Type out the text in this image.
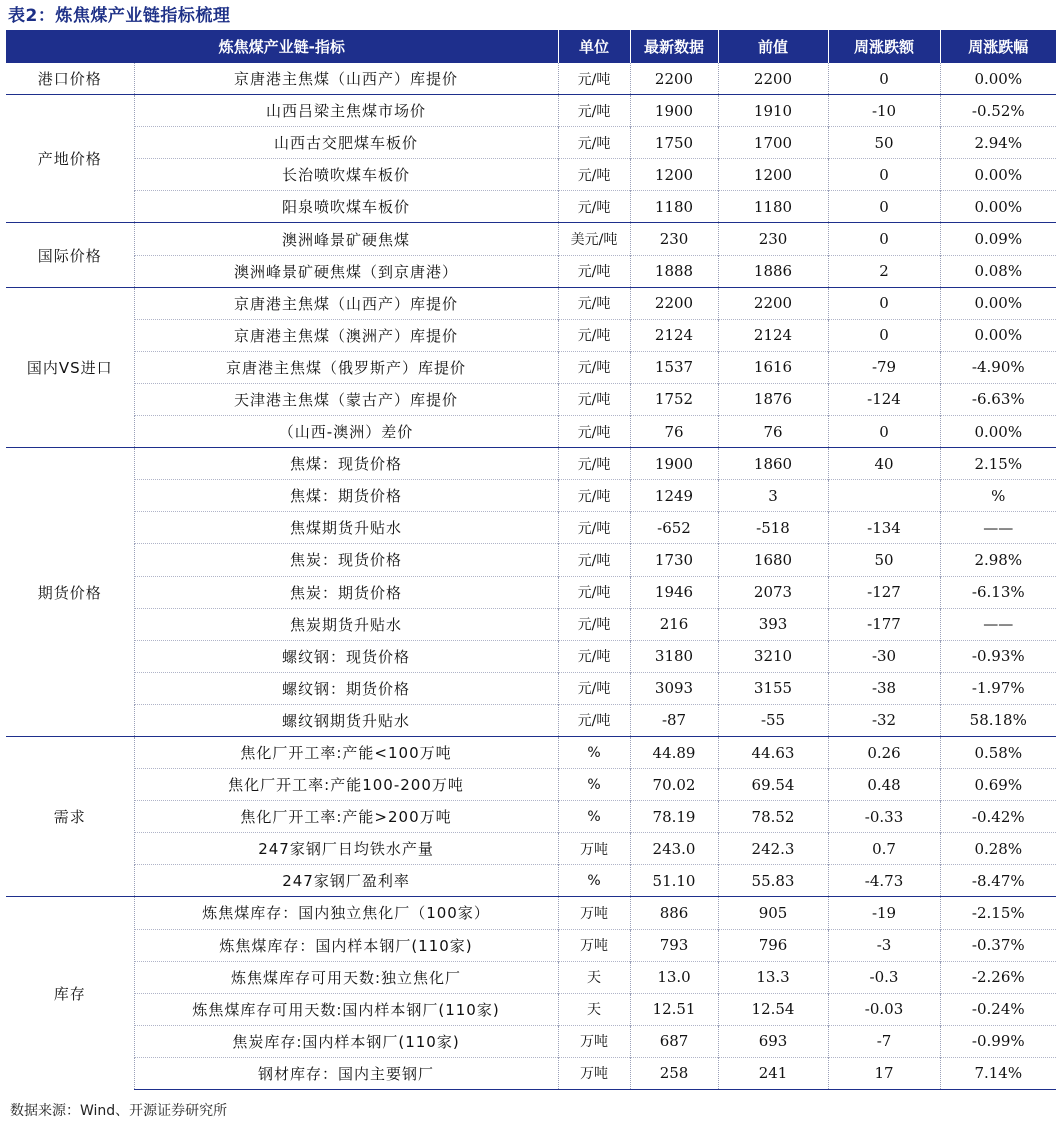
表2：炼焦煤产业链指标梳理
炼焦煤产业链-指标		单位	最新数据	前值	周涨跌额	周涨跌幅
港口价格	京唐港主焦煤（山西产）库提价	元/吨	2200	2200	0	0.00%
产地价格	山西吕梁主焦煤市场价	元/吨	1900	1910	-10	-0.52%
	山西古交肥煤车板价	元/吨	1750	1700	50	2.94%
	长治喷吹煤车板价	元/吨	1200	1200	0	0.00%
	阳泉喷吹煤车板价	元/吨	1180	1180	0	0.00%
国际价格	澳洲峰景矿硬焦煤	美元/吨	230	230	0	0.09%
	澳洲峰景矿硬焦煤（到京唐港）	元/吨	1888	1886	2	0.08%
国内VS进口	京唐港主焦煤（山西产）库提价	元/吨	2200	2200	0	0.00%
	京唐港主焦煤（澳洲产）库提价	元/吨	2124	2124	0	0.00%
	京唐港主焦煤（俄罗斯产）库提价	元/吨	1537	1616	-79	-4.90%
	天津港主焦煤（蒙古产）库提价	元/吨	1752	1876	-124	-6.63%
	（山西-澳洲）差价	元/吨	76	76	0	0.00%
期货价格	焦煤：现货价格	元/吨	1900	1860	40	2.15%
	焦煤：期货价格	元/吨	1249	3		%
	焦煤期货升贴水	元/吨	-652	-518	-134	——
	焦炭：现货价格	元/吨	1730	1680	50	2.98%
	焦炭：期货价格	元/吨	1946	2073	-127	-6.13%
	焦炭期货升贴水	元/吨	216	393	-177	——
	螺纹钢：现货价格	元/吨	3180	3210	-30	-0.93%
	螺纹钢：期货价格	元/吨	3093	3155	-38	-1.97%
	螺纹钢期货升贴水	元/吨	-87	-55	-32	58.18%
需求	焦化厂开工率:产能<100万吨	%	44.89	44.63	0.26	0.58%
	焦化厂开工率:产能100-200万吨	%	70.02	69.54	0.48	0.69%
	焦化厂开工率:产能>200万吨	%	78.19	78.52	-0.33	-0.42%
	247家钢厂日均铁水产量	万吨	243.0	242.3	0.7	0.28%
	247家钢厂盈利率	%	51.10	55.83	-4.73	-8.47%
库存	炼焦煤库存：国内独立焦化厂（100家）	万吨	886	905	-19	-2.15%
	炼焦煤库存：国内样本钢厂(110家)	万吨	793	796	-3	-0.37%
	炼焦煤库存可用天数:独立焦化厂	天	13.0	13.3	-0.3	-2.26%
	炼焦煤库存可用天数:国内样本钢厂(110家)	天	12.51	12.54	-0.03	-0.24%
	焦炭库存:国内样本钢厂(110家)	万吨	687	693	-7	-0.99%
	钢材库存：国内主要钢厂	万吨	258	241	17	7.14%
数据来源：Wind、开源证券研究所
